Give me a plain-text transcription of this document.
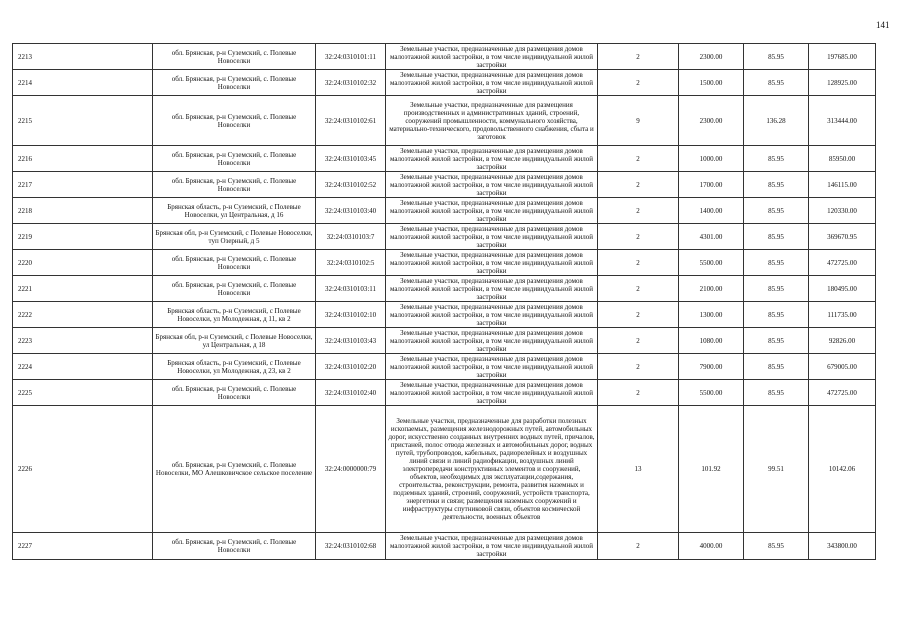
141
2213	обл. Брянская, р-н Суземский, с. Полевые Новоселки	32:24:0310101:11	Земельные участки, предназначенные для размещения домов малоэтажной жилой застройки, в том числе индивидуальной жилой застройки	2	2300.00	85.95	197685.00
2214	обл. Брянская, р-н Суземский, с. Полевые Новоселки	32:24:0310102:32	Земельные участки, предназначенные для размещения домов малоэтажной жилой застройки, в том числе индивидуальной жилой застройки	2	1500.00	85.95	128925.00
2215	обл. Брянская, р-н Суземский, с. Полевые Новоселки	32:24:0310102:61	Земельные участки, предназначенные для размещения производственных и административных зданий, строений, сооружений промышленности, коммунального хозяйства, материально-технического, продовольственного снабжения, сбыта и заготовок	9	2300.00	136.28	313444.00
2216	обл. Брянская, р-н Суземский, с. Полевые Новоселки	32:24:0310103:45	Земельные участки, предназначенные для размещения домов малоэтажной жилой застройки, в том числе индивидуальной жилой застройки	2	1000.00	85.95	85950.00
2217	обл. Брянская, р-н Суземский, с. Полевые Новоселки	32:24:0310102:52	Земельные участки, предназначенные для размещения домов малоэтажной жилой застройки, в том числе индивидуальной жилой застройки	2	1700.00	85.95	146115.00
2218	Брянская область, р-н Суземский, с Полевые Новоселки, ул Центральная, д 16	32:24:0310103:40	Земельные участки, предназначенные для размещения домов малоэтажной жилой застройки, в том числе индивидуальной жилой застройки	2	1400.00	85.95	120330.00
2219	Брянская обл, р-н Суземский, с Полевые Новоселки, туп Озерный, д 5	32:24:0310103:7	Земельные участки, предназначенные для размещения домов малоэтажной жилой застройки, в том числе индивидуальной жилой застройки	2	4301.00	85.95	369670.95
2220	обл. Брянская, р-н Суземский, с. Полевые Новоселки	32:24:0310102:5	Земельные участки, предназначенные для размещения домов малоэтажной жилой застройки, в том числе индивидуальной жилой застройки	2	5500.00	85.95	472725.00
2221	обл. Брянская, р-н Суземский, с. Полевые Новоселки	32:24:0310103:11	Земельные участки, предназначенные для размещения домов малоэтажной жилой застройки, в том числе индивидуальной жилой застройки	2	2100.00	85.95	180495.00
2222	Брянская область, р-н Суземский, с Полевые Новоселки, ул Молодежная, д 11, кв 2	32:24:0310102:10	Земельные участки, предназначенные для размещения домов малоэтажной жилой застройки, в том числе индивидуальной жилой застройки	2	1300.00	85.95	111735.00
2223	Брянская обл, р-н Суземский, с Полевые Новоселки, ул Центральная, д 18	32:24:0310103:43	Земельные участки, предназначенные для размещения домов малоэтажной жилой застройки, в том числе индивидуальной жилой застройки	2	1080.00	85.95	92826.00
2224	Брянская область, р-н Суземский, с Полевые Новоселки, ул Молодежная, д 23, кв 2	32:24:0310102:20	Земельные участки, предназначенные для размещения домов малоэтажной жилой застройки, в том числе индивидуальной жилой застройки	2	7900.00	85.95	679005.00
2225	обл. Брянская, р-н Суземский, с. Полевые Новоселки	32:24:0310102:40	Земельные участки, предназначенные для размещения домов малоэтажной жилой застройки, в том числе индивидуальной жилой застройки	2	5500.00	85.95	472725.00
2226	обл. Брянская, р-н Суземский, с. Полевые Новоселки, МО Алешковичское сельское поселение	32:24:0000000:79	Земельные участки, предназначенные для разработки полезных ископаемых, размещения железнодорожных путей, автомобильных дорог, искусственно созданных внутренних водных путей, причалов, пристаней, полос отвода железных и автомобильных дорог, водных путей, трубопроводов, кабельных, радиорелейных и воздушных линий связи и линий радиофикации, воздушных линий электропередачи конструктивных элементов и сооружений, объектов, необходимых для эксплуатации,содержания, строительства, реконструкции, ремонта, развития наземных и подземных зданий, строений, сооружений, устройств транспорта, энергетики и связи; размещения наземных сооружений и инфраструктуры спутниковой связи, объектов космической деятельности, военных объектов	13	101.92	99.51	10142.06
2227	обл. Брянская, р-н Суземский, с. Полевые Новоселки	32:24:0310102:68	Земельные участки, предназначенные для размещения домов малоэтажной жилой застройки, в том числе индивидуальной жилой застройки	2	4000.00	85.95	343800.00
